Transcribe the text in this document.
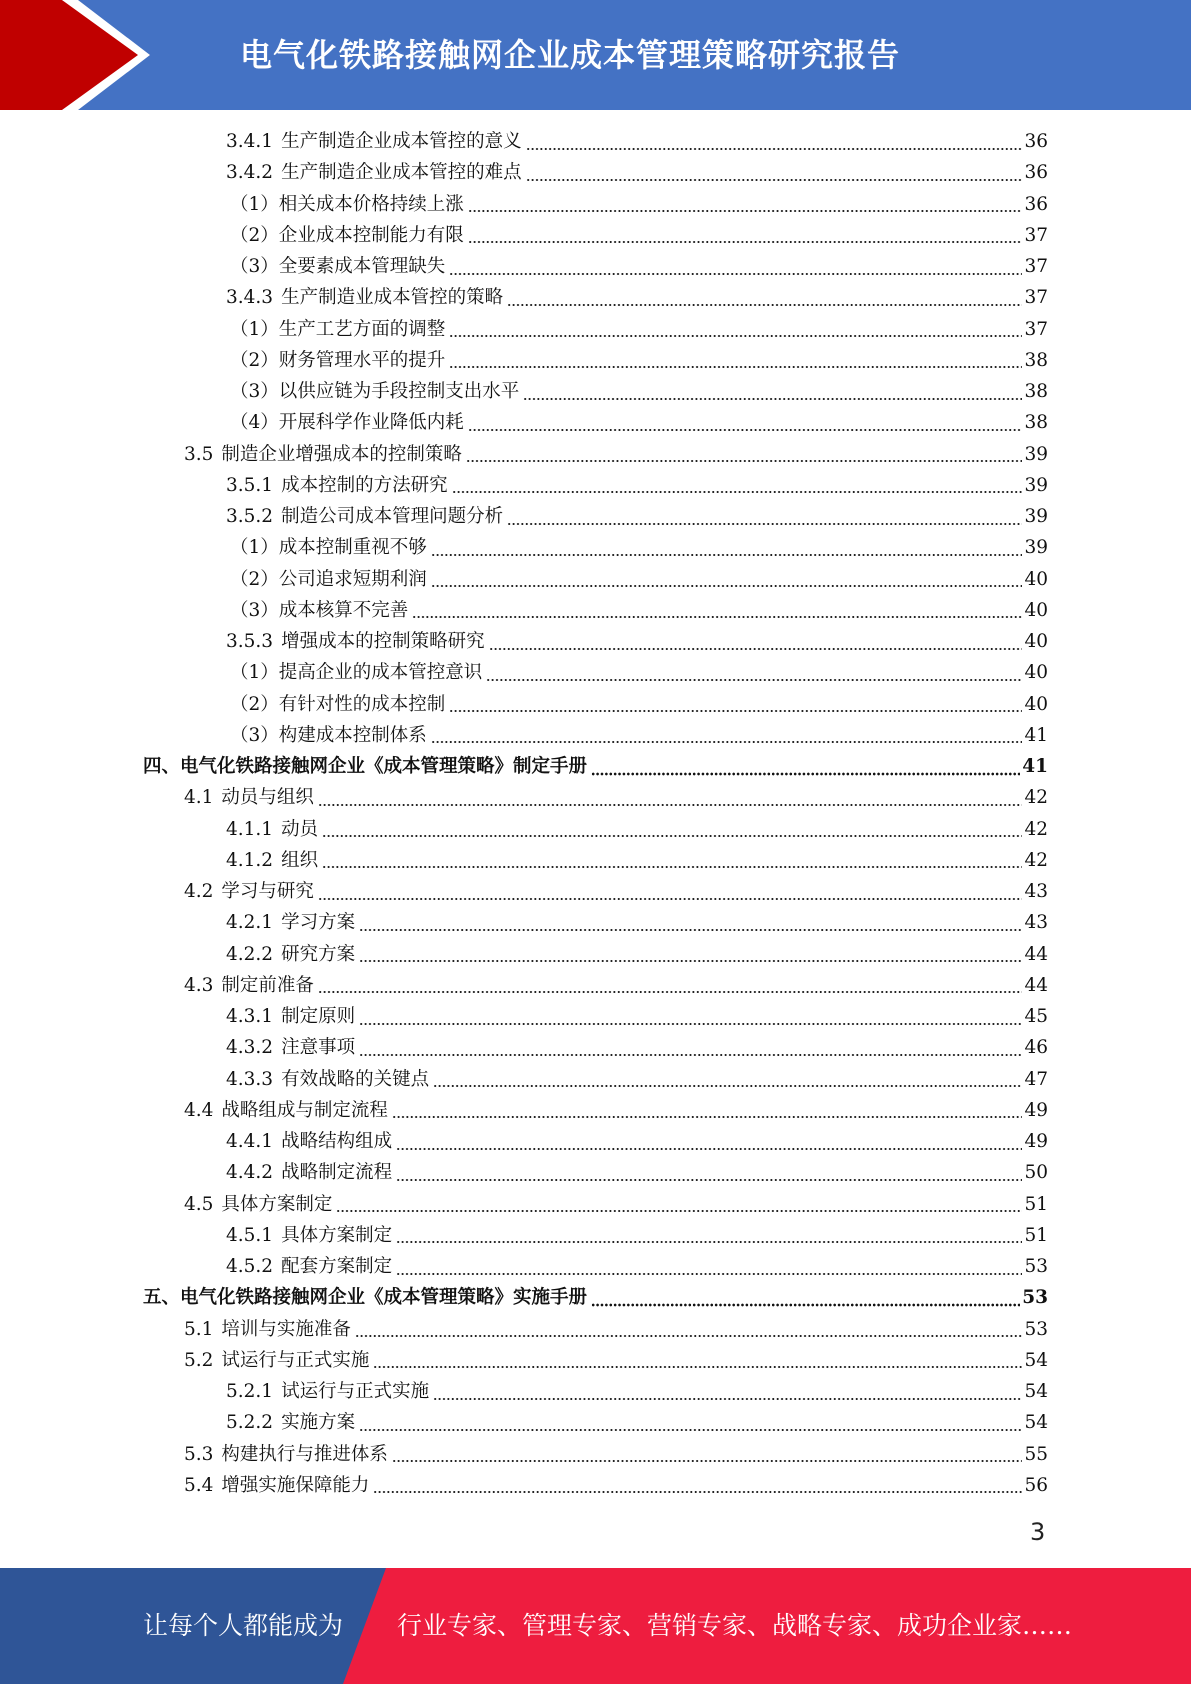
电气化铁路接触网企业成本管理策略研究报告
3.4.1 生产制造企业成本管控的意义	36
3.4.2 生产制造企业成本管控的难点	36
（1）相关成本价格持续上涨	36
（2）企业成本控制能力有限	37
（3）全要素成本管理缺失	37
3.4.3 生产制造业成本管控的策略	37
（1）生产工艺方面的调整	37
（2）财务管理水平的提升	38
（3）以供应链为手段控制支出水平	38
（4）开展科学作业降低内耗	38
3.5 制造企业增强成本的控制策略	39
3.5.1 成本控制的方法研究	39
3.5.2 制造公司成本管理问题分析	39
（1）成本控制重视不够	39
（2）公司追求短期利润	40
（3）成本核算不完善	40
3.5.3 增强成本的控制策略研究	40
（1）提高企业的成本管控意识	40
（2）有针对性的成本控制	40
（3）构建成本控制体系	41
四、电气化铁路接触网企业《成本管理策略》制定手册	41
4.1 动员与组织	42
4.1.1 动员	42
4.1.2 组织	42
4.2 学习与研究	43
4.2.1 学习方案	43
4.2.2 研究方案	44
4.3 制定前准备	44
4.3.1 制定原则	45
4.3.2 注意事项	46
4.3.3 有效战略的关键点	47
4.4 战略组成与制定流程	49
4.4.1 战略结构组成	49
4.4.2 战略制定流程	50
4.5 具体方案制定	51
4.5.1 具体方案制定	51
4.5.2 配套方案制定	53
五、电气化铁路接触网企业《成本管理策略》实施手册	53
5.1 培训与实施准备	53
5.2 试运行与正式实施	54
5.2.1 试运行与正式实施	54
5.2.2 实施方案	54
5.3 构建执行与推进体系	55
5.4 增强实施保障能力	56
3
让每个人都能成为 行业专家、管理专家、营销专家、战略专家、成功企业家……
